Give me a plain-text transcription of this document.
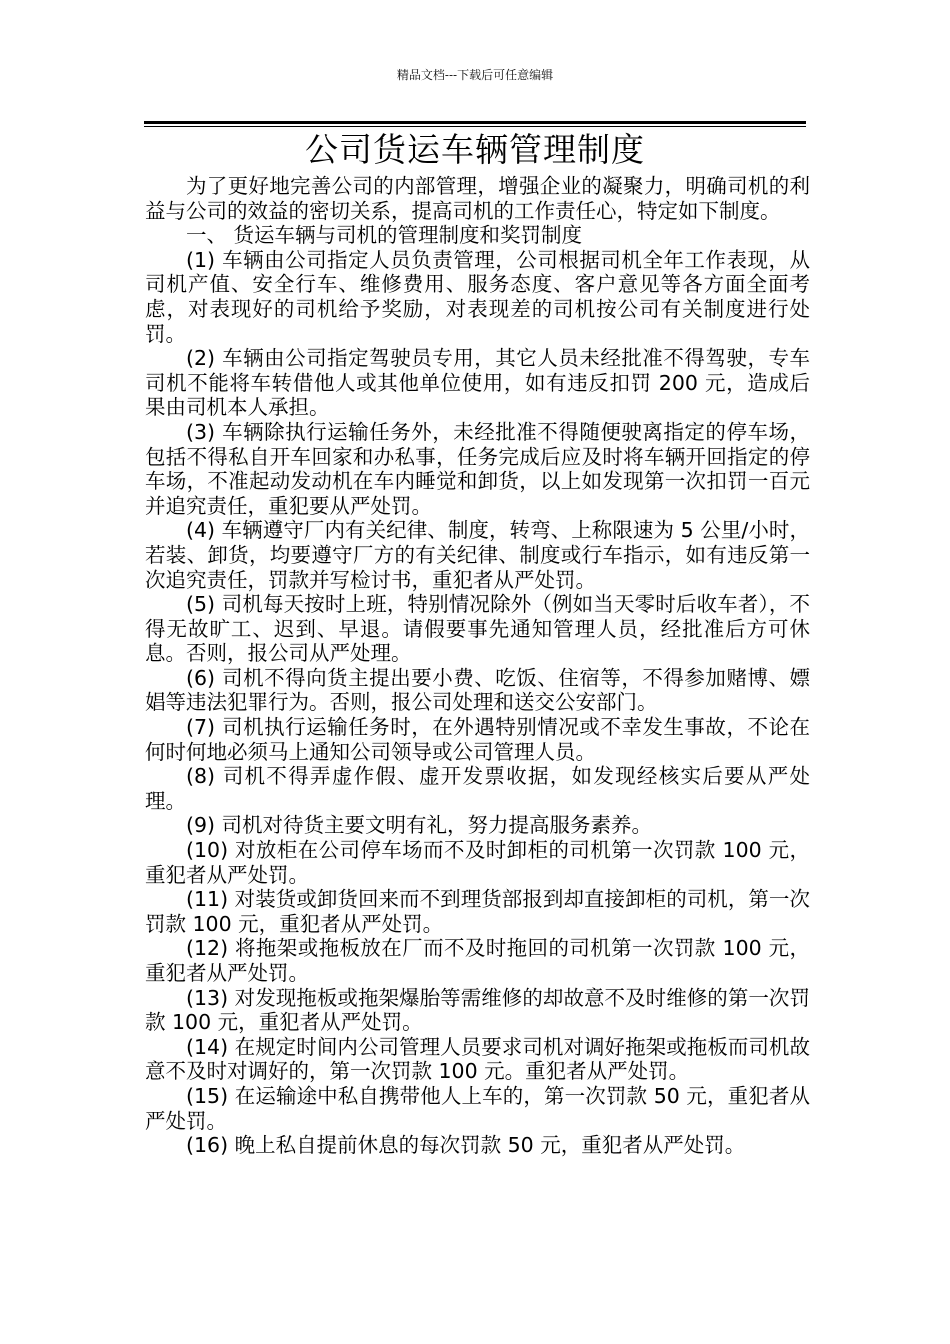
精品文档---下载后可任意编辑
公司货运车辆管理制度

为了更好地完善公司的内部管理，增强企业的凝聚力，明确司机的利益与公司的效益的密切关系，提高司机的工作责任心，特定如下制度。

一、 货运车辆与司机的管理制度和奖罚制度

(1) 车辆由公司指定人员负责管理，公司根据司机全年工作表现，从司机产值、安全行车、维修费用、服务态度、客户意见等各方面全面考虑，对表现好的司机给予奖励，对表现差的司机按公司有关制度进行处罚。

(2) 车辆由公司指定驾驶员专用，其它人员未经批准不得驾驶，专车司机不能将车转借他人或其他单位使用，如有违反扣罚 200 元，造成后果由司机本人承担。

(3) 车辆除执行运输任务外，未经批准不得随便驶离指定的停车场，包括不得私自开车回家和办私事，任务完成后应及时将车辆开回指定的停车场，不准起动发动机在车内睡觉和卸货，以上如发现第一次扣罚一百元并追究责任，重犯要从严处罚。

(4) 车辆遵守厂内有关纪律、制度，转弯、上称限速为 5 公里/小时，若装、卸货，均要遵守厂方的有关纪律、制度或行车指示，如有违反第一次追究责任，罚款并写检讨书，重犯者从严处罚。

(5) 司机每天按时上班，特别情况除外（例如当天零时后收车者），不得无故旷工、迟到、早退。请假要事先通知管理人员，经批准后方可休息。否则，报公司从严处理。

(6) 司机不得向货主提出要小费、吃饭、住宿等，不得参加赌博、嫖娼等违法犯罪行为。否则，报公司处理和送交公安部门。

(7) 司机执行运输任务时，在外遇特别情况或不幸发生事故，不论在何时何地必须马上通知公司领导或公司管理人员。

(8) 司机不得弄虚作假、虚开发票收据，如发现经核实后要从严处理。

(9) 司机对待货主要文明有礼，努力提高服务素养。

(10) 对放柜在公司停车场而不及时卸柜的司机第一次罚款 100 元，重犯者从严处罚。

(11) 对装货或卸货回来而不到理货部报到却直接卸柜的司机，第一次罚款 100 元，重犯者从严处罚。

(12) 将拖架或拖板放在厂而不及时拖回的司机第一次罚款 100 元，重犯者从严处罚。

(13) 对发现拖板或拖架爆胎等需维修的却故意不及时维修的第一次罚款 100 元，重犯者从严处罚。

(14) 在规定时间内公司管理人员要求司机对调好拖架或拖板而司机故意不及时对调好的，第一次罚款 100 元。重犯者从严处罚。

(15) 在运输途中私自携带他人上车的，第一次罚款 50 元，重犯者从严处罚。

(16) 晚上私自提前休息的每次罚款 50 元，重犯者从严处罚。
